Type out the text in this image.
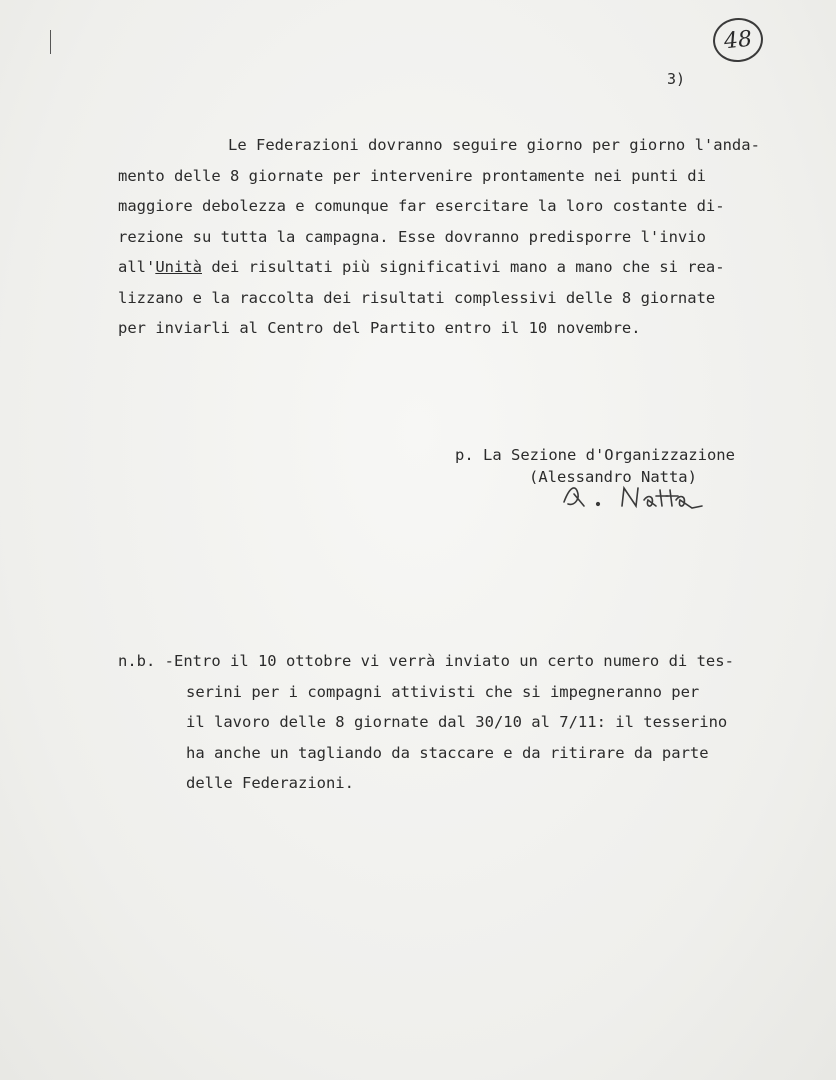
48
3)
Le Federazioni dovranno seguire giorno per giorno l'anda-
mento delle 8 giornate per intervenire prontamente nei punti di
maggiore debolezza e comunque far esercitare la loro costante di-
rezione su tutta la campagna. Esse dovranno predisporre l'invio
all'Unità dei risultati più significativi mano a mano che si rea-
lizzano e la raccolta dei risultati complessivi delle 8 giornate
per inviarli al Centro del Partito entro il 10 novembre.
p. La Sezione d'Organizzazione
(Alessandro Natta)
n.b. -Entro il 10 ottobre vi verrà inviato un certo numero di tes-
serini per i compagni attivisti che si impegneranno per
il lavoro delle 8 giornate dal 30/10 al 7/11: il tesserino
ha anche un tagliando da staccare e da ritirare da parte
delle Federazioni.
